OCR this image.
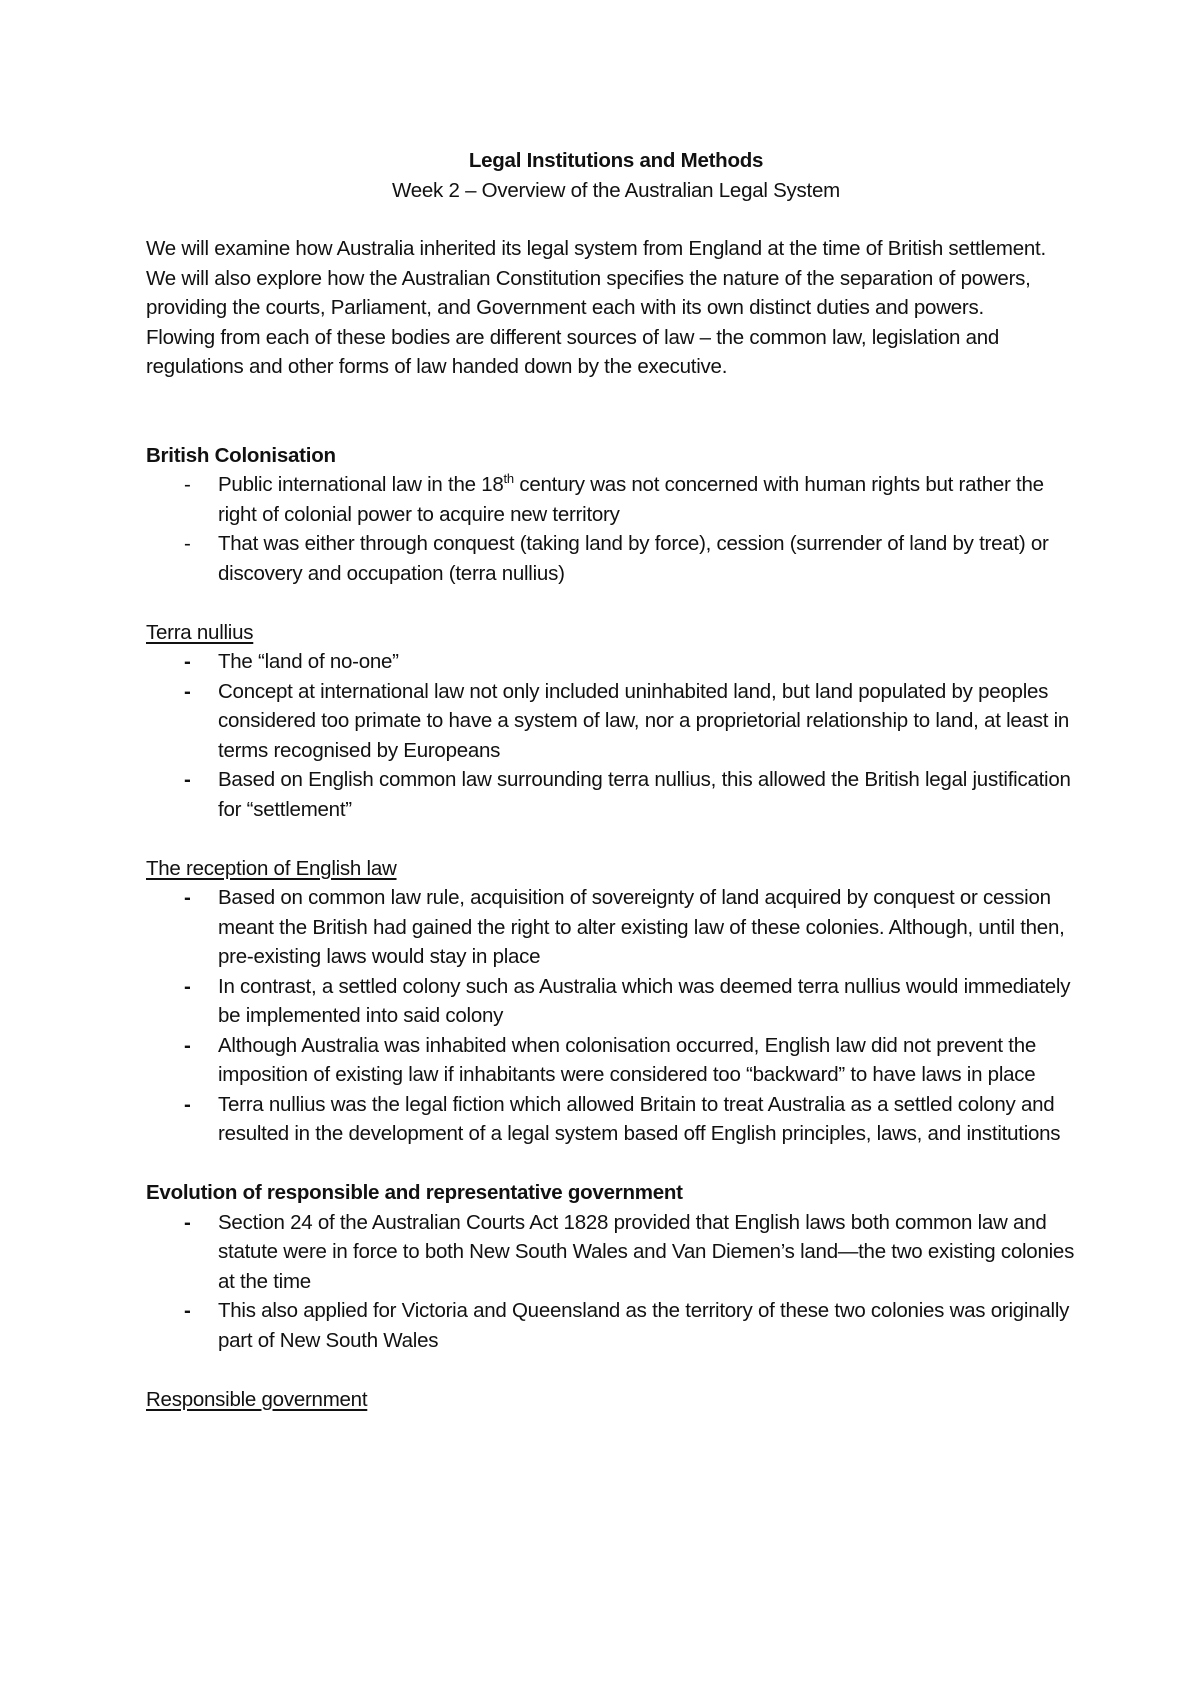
Legal Institutions and Methods

Week 2 – Overview of the Australian Legal System

We will examine how Australia inherited its legal system from England at the time of British settlement.

We will also explore how the Australian Constitution specifies the nature of the separation of powers, providing the courts, Parliament, and Government each with its own distinct duties and powers.

Flowing from each of these bodies are different sources of law – the common law, legislation and regulations and other forms of law handed down by the executive.

British Colonisation

- Public international law in the 18th century was not concerned with human rights but rather the right of colonial power to acquire new territory
- That was either through conquest (taking land by force), cession (surrender of land by treat) or discovery and occupation (terra nullius)

Terra nullius

- The “land of no-one”
- Concept at international law not only included uninhabited land, but land populated by peoples considered too primate to have a system of law, nor a proprietorial relationship to land, at least in terms recognised by Europeans
- Based on English common law surrounding terra nullius, this allowed the British legal justification for “settlement”

The reception of English law

- Based on common law rule, acquisition of sovereignty of land acquired by conquest or cession meant the British had gained the right to alter existing law of these colonies. Although, until then, pre-existing laws would stay in place
- In contrast, a settled colony such as Australia which was deemed terra nullius would immediately be implemented into said colony
- Although Australia was inhabited when colonisation occurred, English law did not prevent the imposition of existing law if inhabitants were considered too “backward” to have laws in place
- Terra nullius was the legal fiction which allowed Britain to treat Australia as a settled colony and resulted in the development of a legal system based off English principles, laws, and institutions

Evolution of responsible and representative government

- Section 24 of the Australian Courts Act 1828 provided that English laws both common law and statute were in force to both New South Wales and Van Diemen’s land—the two existing colonies at the time
- This also applied for Victoria and Queensland as the territory of these two colonies was originally part of New South Wales

Responsible government
